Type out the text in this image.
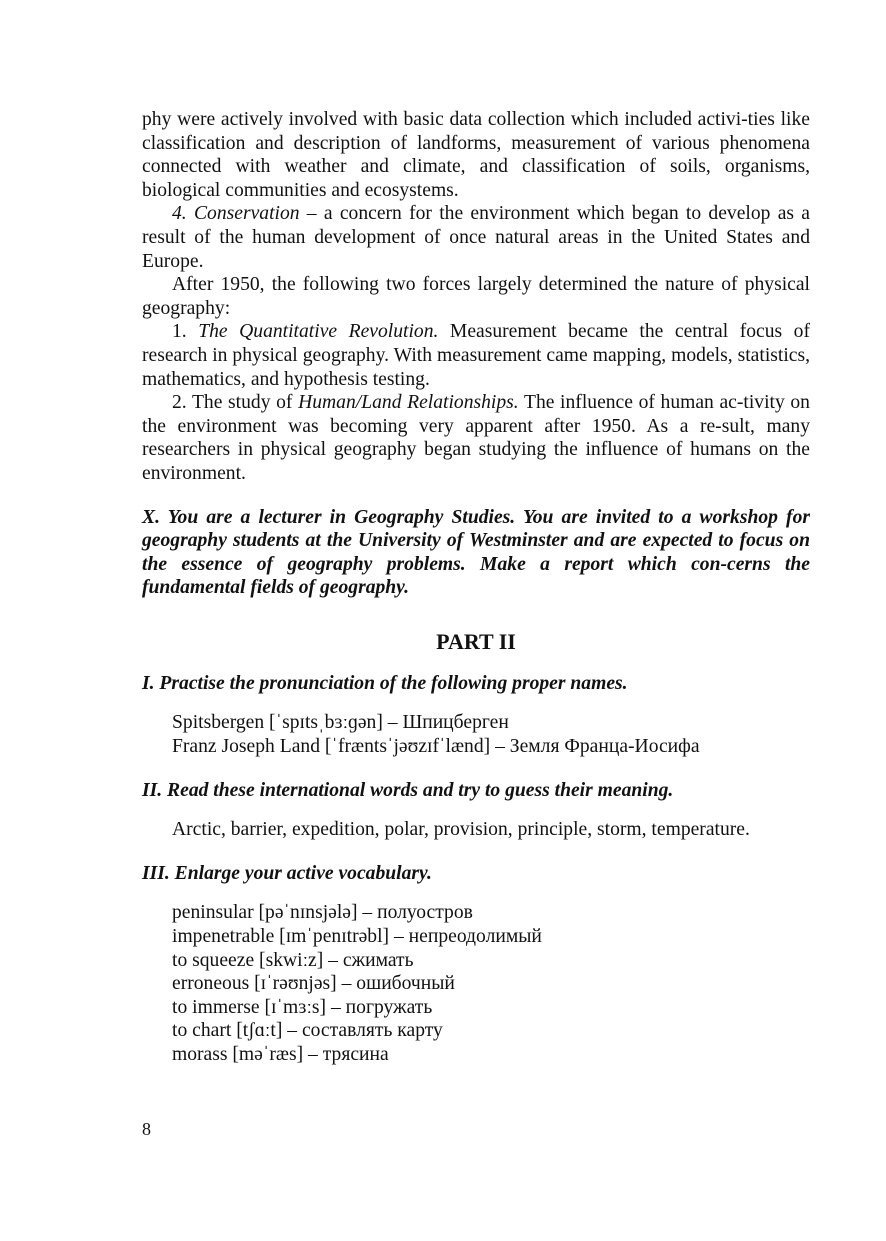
phy were actively involved with basic data collection which included activi-ties like classification and description of landforms, measurement of various phenomena connected with weather and climate, and classification of soils, organisms, biological communities and ecosystems.

4. Conservation – a concern for the environment which began to develop as a result of the human development of once natural areas in the United States and Europe.

After 1950, the following two forces largely determined the nature of physical geography:

1. The Quantitative Revolution. Measurement became the central focus of research in physical geography. With measurement came mapping, models, statistics, mathematics, and hypothesis testing.

2. The study of Human/Land Relationships. The influence of human ac-tivity on the environment was becoming very apparent after 1950. As a re-sult, many researchers in physical geography began studying the influence of humans on the environment.

X. You are a lecturer in Geography Studies. You are invited to a workshop for geography students at the University of Westminster and are expected to focus on the essence of geography problems. Make a report which con-cerns the fundamental fields of geography.

PART II

I. Practise the pronunciation of the following proper names.

Spitsbergen [ˈspɪtsˌbɜːɡən] – Шпицберген
Franz Joseph Land [ˈfræntsˈjəʊzɪfˈlænd] – Земля Франца-Иосифа

II. Read these international words and try to guess their meaning.

Arctic, barrier, expedition, polar, provision, principle, storm, temperature.

III. Enlarge your active vocabulary.

peninsular [pəˈnɪnsjələ] – полуостров
impenetrable [ɪmˈpenɪtrəbl] – непреодолимый
to squeeze [skwiːz] – сжимать
erroneous [ɪˈrəʊnjəs] – ошибочный
to immerse [ɪˈmɜːs] – погружать
to chart [tʃɑːt] – составлять карту
morass [məˈræs] – трясина
8
